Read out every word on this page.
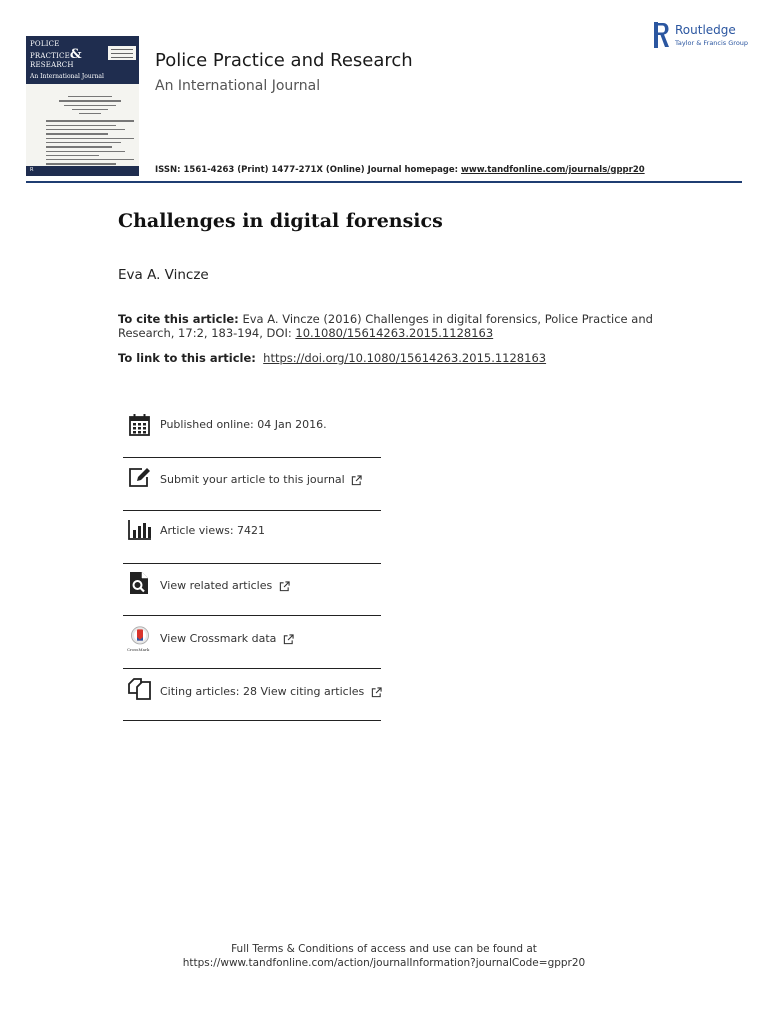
POLICE
PRACTICE&
RESEARCH
An International Journal
R
Police Practice and Research
An International Journal
ISSN: 1561-4263 (Print) 1477-271X (Online) Journal homepage: www.tandfonline.com/journals/gppr20
Routledge
Taylor & Francis Group
Challenges in digital forensics
Eva A. Vincze
To cite this article: Eva A. Vincze (2016) Challenges in digital forensics, Police Practice and Research, 17:2, 183-194, DOI: 10.1080/15614263.2015.1128163
To link to this article: https://doi.org/10.1080/15614263.2015.1128163
Published online: 04 Jan 2016.
Submit your article to this journal
Article views: 7421
View related articles
CrossMark
View Crossmark data
Citing articles: 28 View citing articles
Full Terms & Conditions of access and use can be found at
https://www.tandfonline.com/action/journalInformation?journalCode=gppr20
